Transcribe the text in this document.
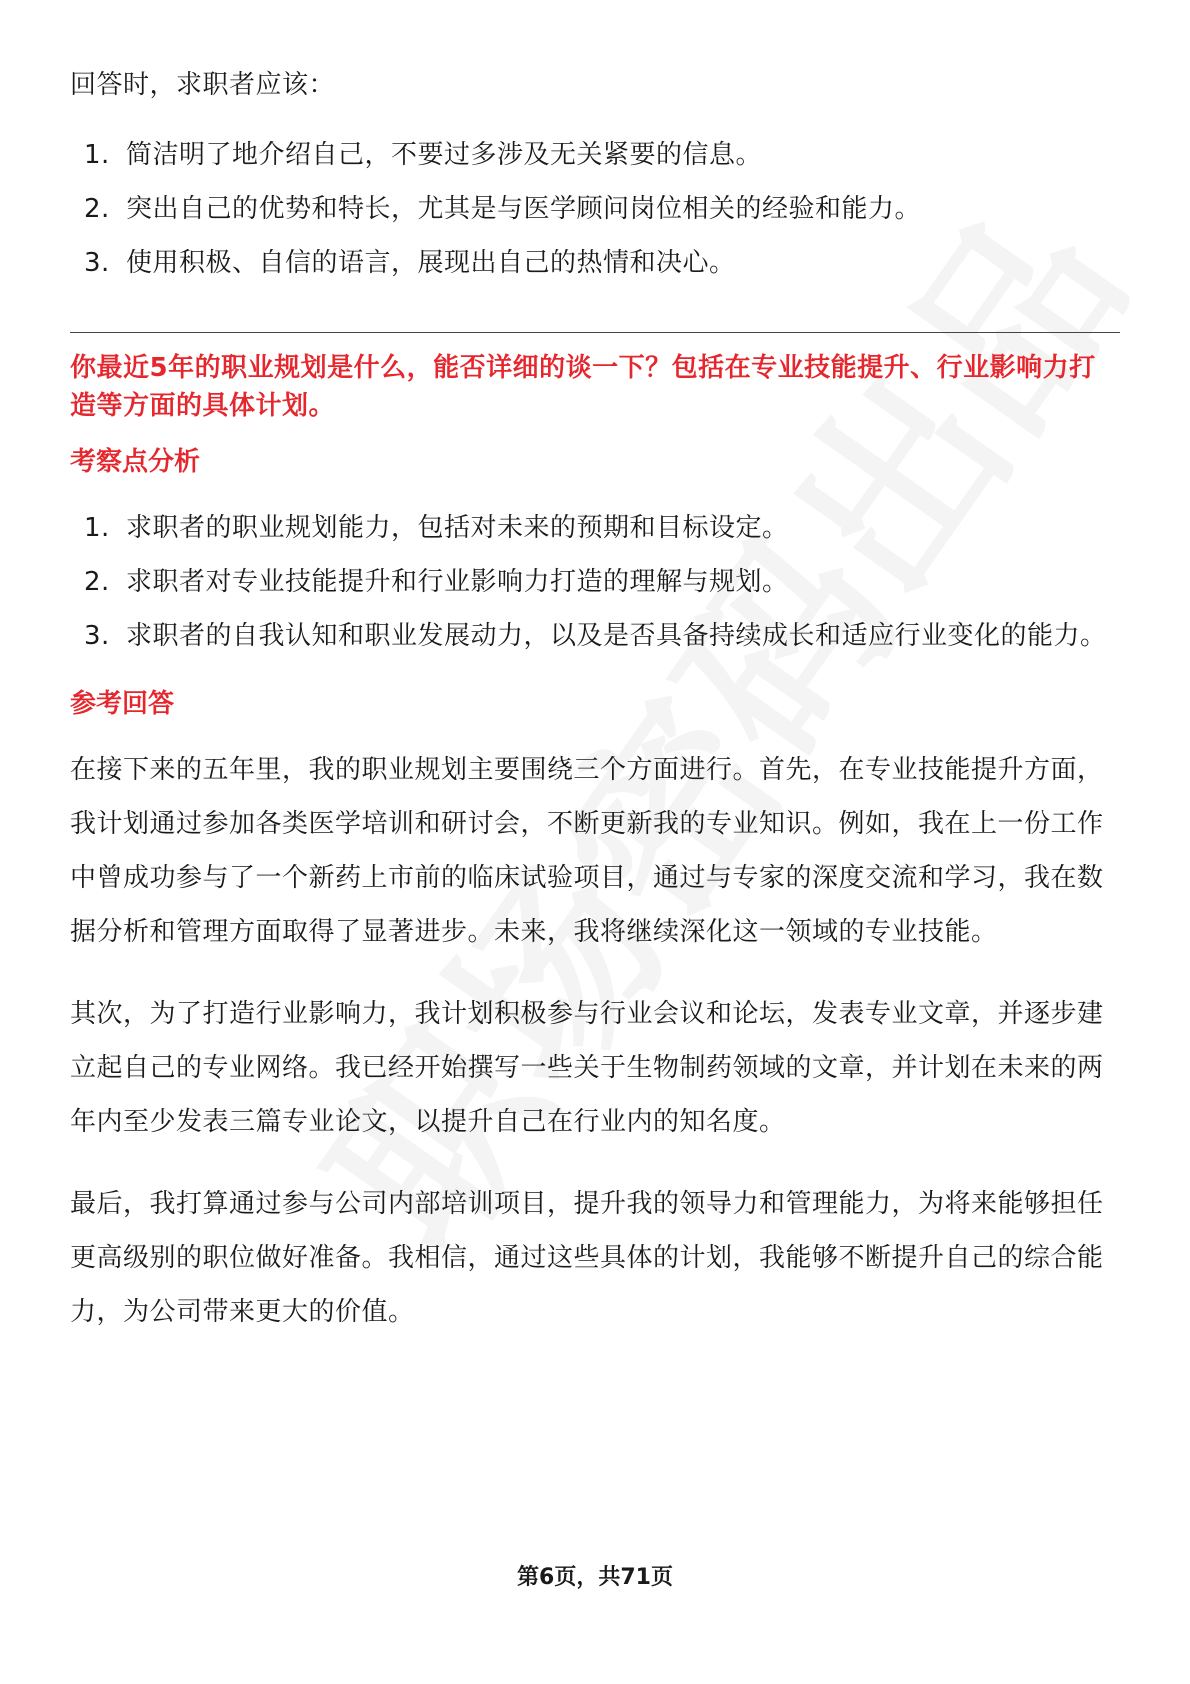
回答时，求职者应该：

1. 简洁明了地介绍自己，不要过多涉及无关紧要的信息。
2. 突出自己的优势和特长，尤其是与医学顾问岗位相关的经验和能力。
3. 使用积极、自信的语言，展现出自己的热情和决心。

你最近5年的职业规划是什么，能否详细的谈一下？包括在专业技能提升、行业影响力打造等方面的具体计划。

考察点分析

1. 求职者的职业规划能力，包括对未来的预期和目标设定。
2. 求职者对专业技能提升和行业影响力打造的理解与规划。
3. 求职者的自我认知和职业发展动力，以及是否具备持续成长和适应行业变化的能力。

参考回答

在接下来的五年里，我的职业规划主要围绕三个方面进行。首先，在专业技能提升方面，我计划通过参加各类医学培训和研讨会，不断更新我的专业知识。例如，我在上一份工作中曾成功参与了一个新药上市前的临床试验项目，通过与专家的深度交流和学习，我在数据分析和管理方面取得了显著进步。未来，我将继续深化这一领域的专业技能。

其次，为了打造行业影响力，我计划积极参与行业会议和论坛，发表专业文章，并逐步建立起自己的专业网络。我已经开始撰写一些关于生物制药领域的文章，并计划在未来的两年内至少发表三篇专业论文，以提升自己在行业内的知名度。

最后，我打算通过参与公司内部培训项目，提升我的领导力和管理能力，为将来能够担任更高级别的职位做好准备。我相信，通过这些具体的计划，我能够不断提升自己的综合能力，为公司带来更大的价值。

第6页，共71页
